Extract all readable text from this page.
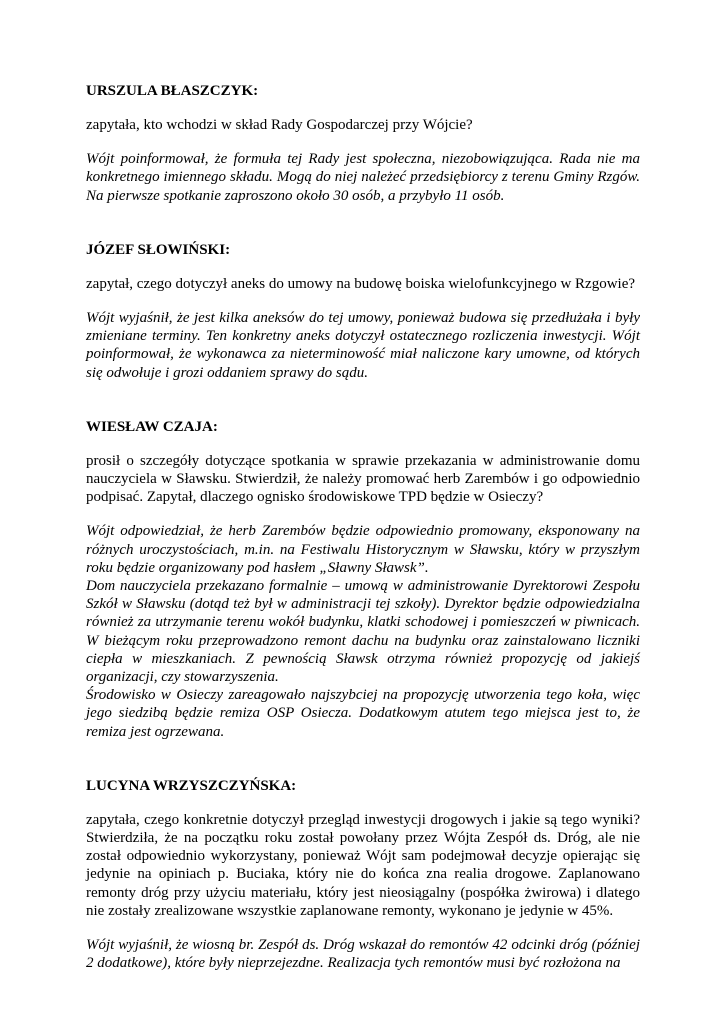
URSZULA BŁASZCZYK:

zapytała, kto wchodzi w skład Rady Gospodarczej przy Wójcie?

Wójt poinformował, że formuła tej Rady jest społeczna, niezobowiązująca. Rada nie ma konkretnego imiennego składu. Mogą do niej należeć przedsiębiorcy z terenu Gminy Rzgów. Na pierwsze spotkanie zaproszono około 30 osób, a przybyło 11 osób.

JÓZEF SŁOWIŃSKI:

zapytał, czego dotyczył aneks do umowy na budowę boiska wielofunkcyjnego w Rzgowie?

Wójt wyjaśnił, że jest kilka aneksów do tej umowy, ponieważ budowa się przedłużała i były zmieniane terminy. Ten konkretny aneks dotyczył ostatecznego rozliczenia inwestycji. Wójt poinformował, że wykonawca za nieterminowość miał naliczone kary umowne, od których się odwołuje i grozi oddaniem sprawy do sądu.

WIESŁAW CZAJA:

prosił o szczegóły dotyczące spotkania w sprawie przekazania w administrowanie domu nauczyciela w Sławsku. Stwierdził, że należy promować herb Zarembów i go odpowiednio podpisać. Zapytał, dlaczego ognisko środowiskowe TPD będzie w Osieczy?

Wójt odpowiedział, że herb Zarembów będzie odpowiednio promowany, eksponowany na różnych uroczystościach, m.in. na Festiwalu Historycznym w Sławsku, który w przyszłym roku będzie organizowany pod hasłem „Sławny Sławsk”.

Dom nauczyciela przekazano formalnie – umową w administrowanie Dyrektorowi Zespołu Szkół w Sławsku (dotąd też był w administracji tej szkoły). Dyrektor będzie odpowiedzialna również za utrzymanie terenu wokół budynku, klatki schodowej i pomieszczeń w piwnicach. W bieżącym roku przeprowadzono remont dachu na budynku oraz zainstalowano liczniki ciepła w mieszkaniach. Z pewnością Sławsk otrzyma również propozycję od jakiejś organizacji, czy stowarzyszenia.

Środowisko w Osieczy zareagowało najszybciej na propozycję utworzenia tego koła, więc jego siedzibą będzie remiza OSP Osiecza. Dodatkowym atutem tego miejsca jest to, że remiza jest ogrzewana.

LUCYNA WRZYSZCZYŃSKA:

zapytała, czego konkretnie dotyczył przegląd inwestycji drogowych i jakie są tego wyniki? Stwierdziła, że na początku roku został powołany przez Wójta Zespół ds. Dróg, ale nie został odpowiednio wykorzystany, ponieważ Wójt sam podejmował decyzje opierając się jedynie na opiniach p. Buciaka, który nie do końca zna realia drogowe. Zaplanowano remonty dróg przy użyciu materiału, który jest nieosiągalny (pospółka żwirowa) i dlatego nie zostały zrealizowane wszystkie zaplanowane remonty, wykonano je jedynie w 45%.

Wójt wyjaśnił, że wiosną br. Zespół ds. Dróg wskazał do remontów 42 odcinki dróg (później 2 dodatkowe), które były nieprzejezdne. Realizacja tych remontów musi być rozłożona na
